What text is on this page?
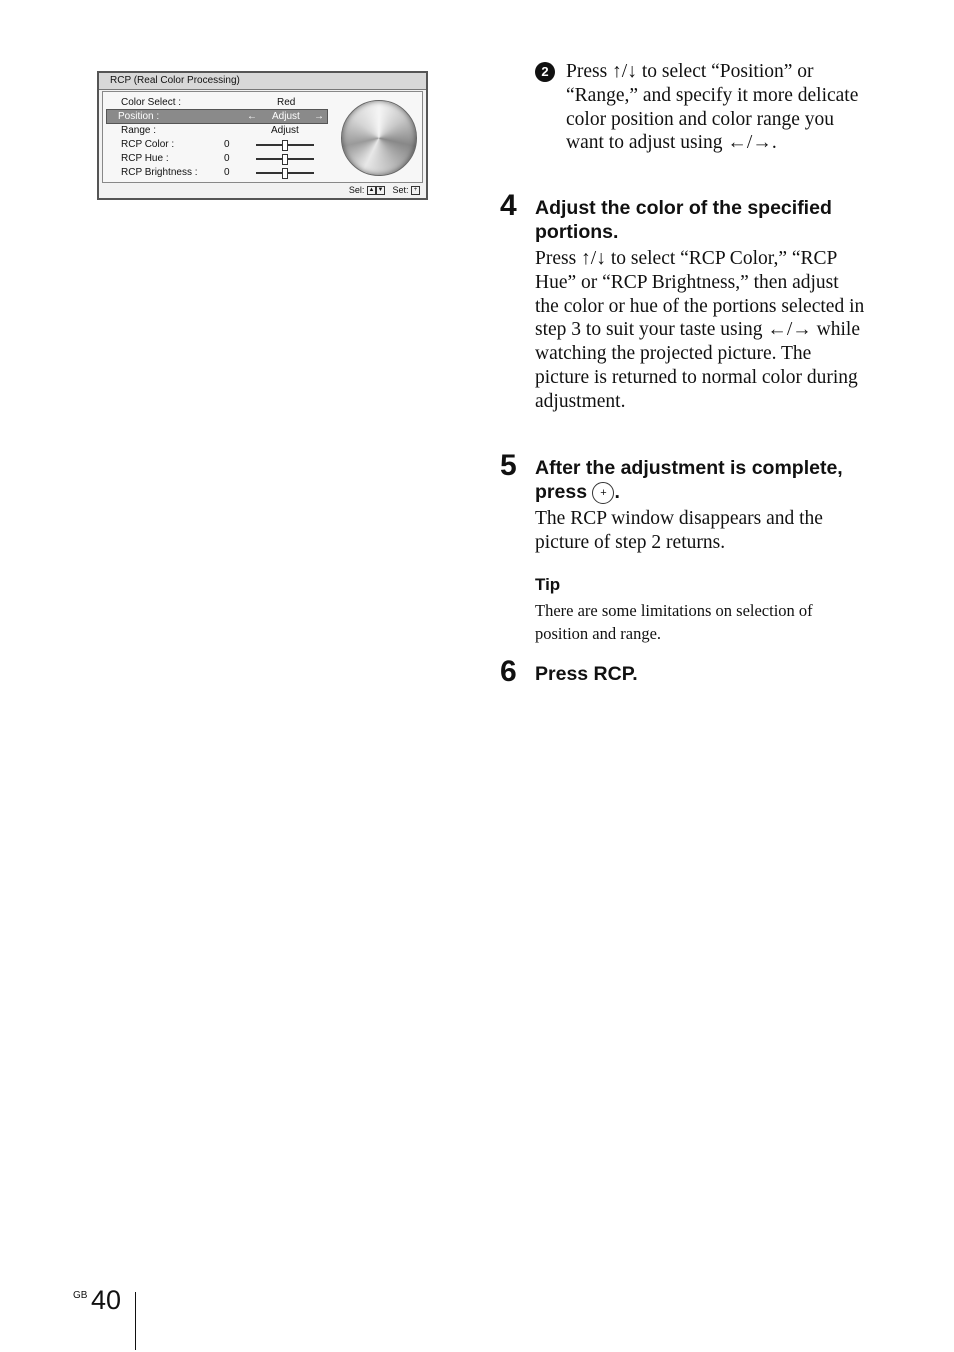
RCP (Real Color Processing)
Color Select :	Red
Position :	← Adjust →
Range :	Adjust
RCP Color :	0
RCP Hue :	0
RCP Brightness :	0
Sel: ▲ ▼ Set: +
2 Press ↑/↓ to select “Position” or “Range,” and specify it more delicate color position and color range you want to adjust using ←/→.

4 Adjust the color of the specified portions.

Press ↑/↓ to select “RCP Color,” “RCP Hue” or “RCP Brightness,” then adjust the color or hue of the portions selected in step 3 to suit your taste using ←/→ while watching the projected picture. The picture is returned to normal color during adjustment.

5 After the adjustment is complete, press + .

The RCP window disappears and the picture of step 2 returns.

Tip

There are some limitations on selection of position and range.

6 Press RCP.

GB 40
